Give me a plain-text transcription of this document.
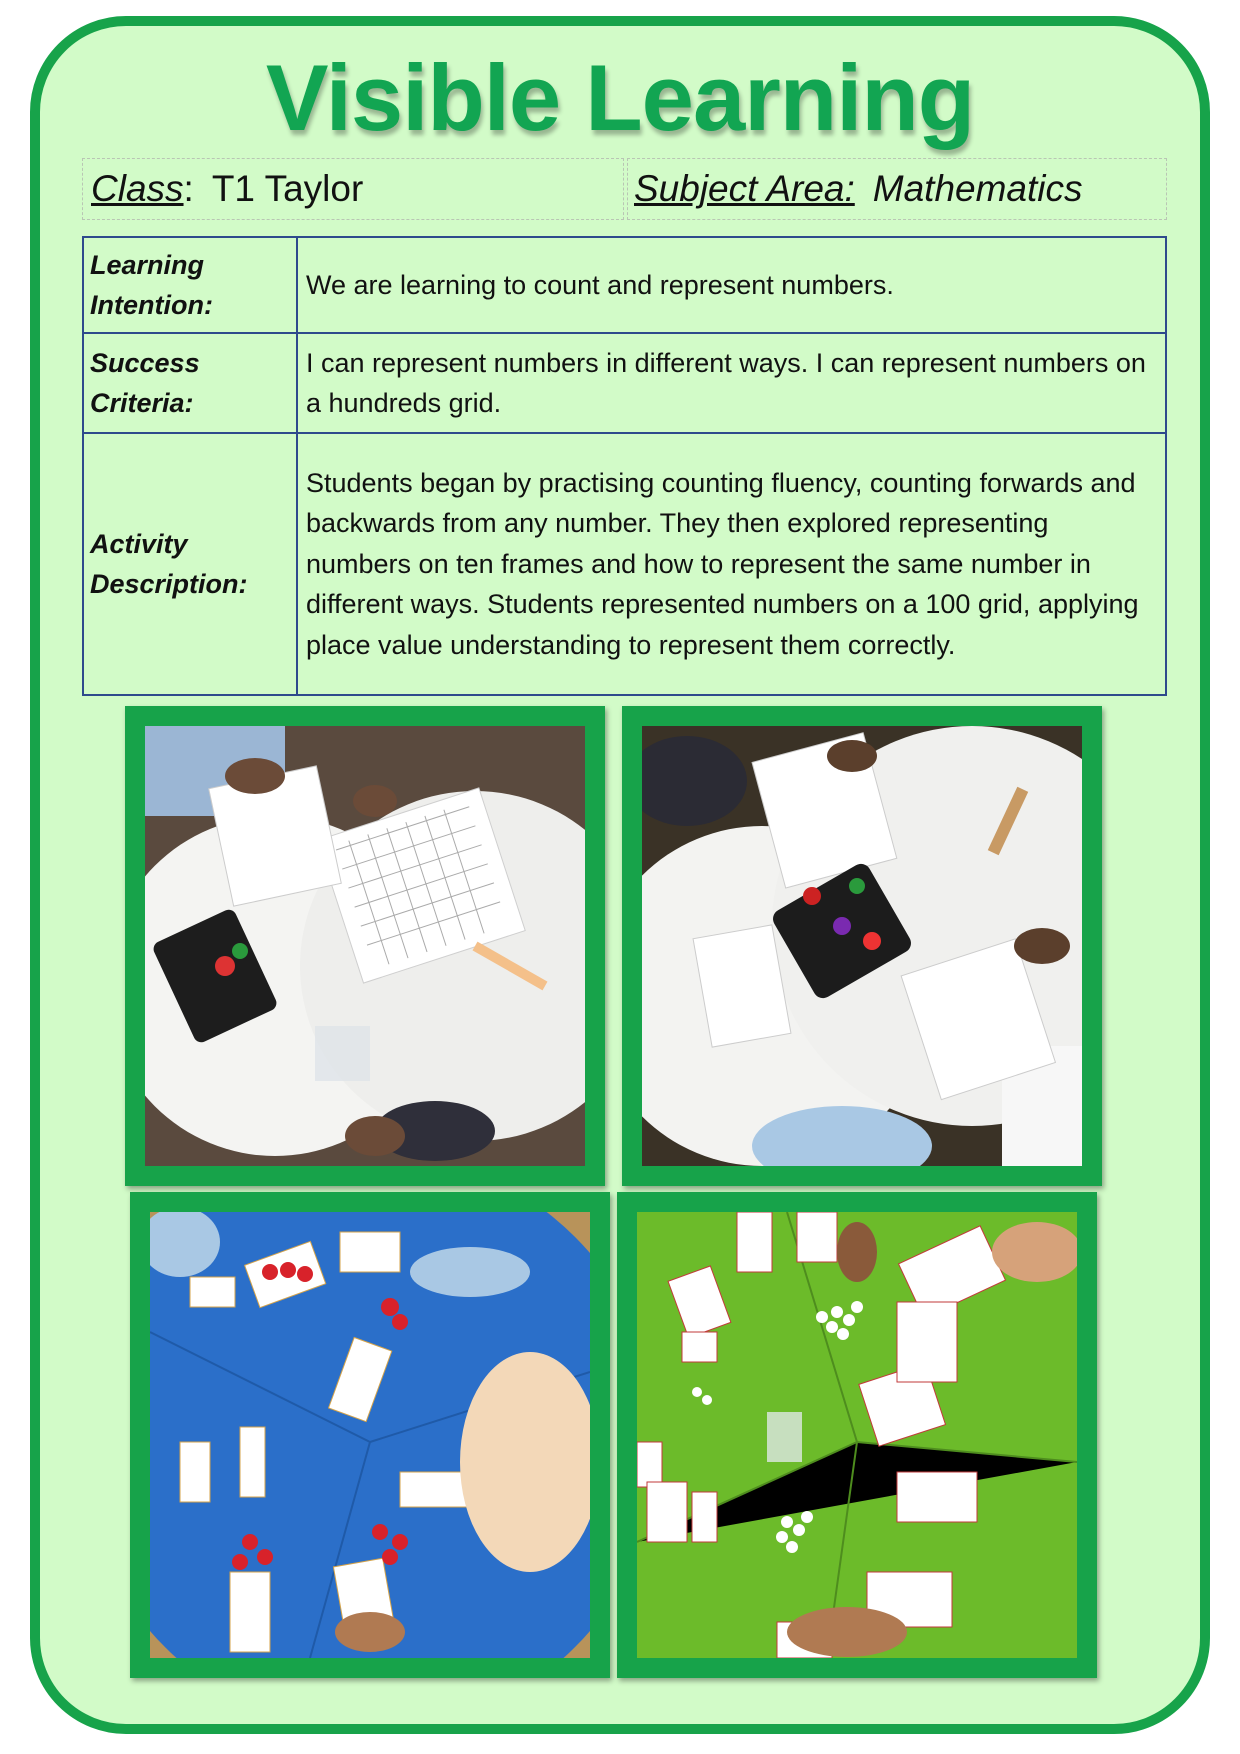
Visible Learning
Class : T1 Taylor	Subject Area: Mathematics
Learning Intention:	We are learning to count and represent numbers.
Success Criteria:	I can represent numbers in different ways. I can represent numbers on a hundreds grid.
Activity Description:	Students began by practising counting fluency, counting forwards and backwards from any number. They then explored representing numbers on ten frames and how to represent the same number in different ways. Students represented numbers on a 100 grid, applying place value understanding to represent them correctly.
